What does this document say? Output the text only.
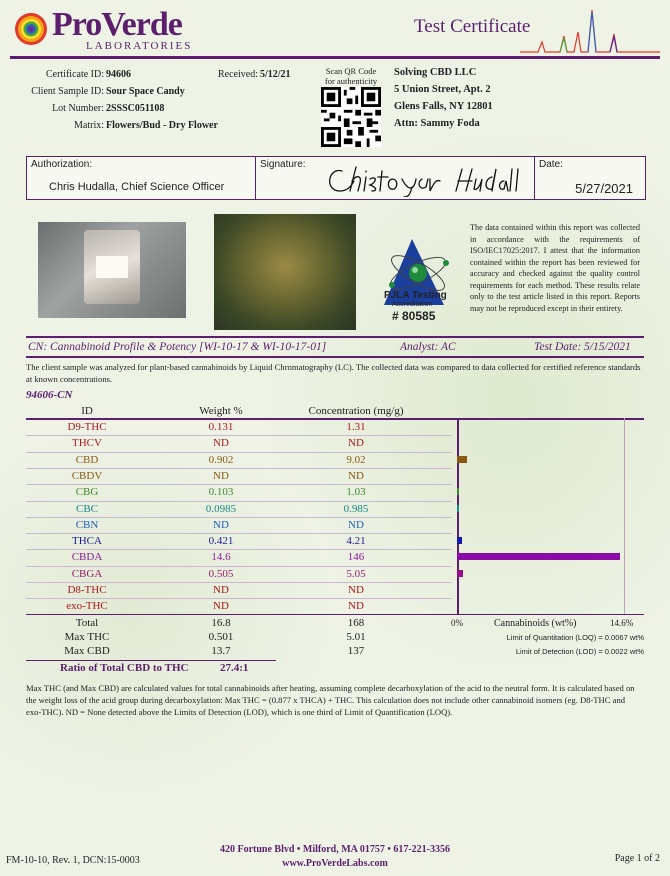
ProVerde
LABORATORIES
Test Certificate
Certificate ID: 94606	Received: 5/12/21
Client Sample ID: Sour Space Candy
Lot Number: 2SSSC051108
Matrix: Flowers/Bud - Dry Flower
Scan QR Code
for authenticity
Solving CBD LLC
5 Union Street, Apt. 2
Glens Falls, NY 12801
Attn: Sammy Foda
Authorization:
Chris Hudalla, Chief Science Officer
Signature:	Date:
5/27/2021
PJLA Testing
Accreditation
# 80585
The data contained within this report was collected in accordance with the requirements of ISO/IEC17025:2017. I attest that the information contained within the report has been reviewed for accuracy and checked against the quality control requirements for each method. These results relate only to the test article listed in this report. Reports may not be reproduced except in their entirety.
CN: Cannabinoid Profile & Potency [WI-10-17 & WI-10-17-01]	Analyst: AC	Test Date: 5/15/2021
The client sample was analyzed for plant-based cannabinoids by Liquid Chromatography (LC). The collected data was compared to data collected for certified reference standards at known concentrations.
94606-CN
ID	Weight %	Concentration (mg/g)
D9-THC	0.131	1.31
THCV	ND	ND
CBD	0.902	9.02
CBDV	ND	ND
CBG	0.103	1.03
CBC	0.0985	0.985
CBN	ND	ND
THCA	0.421	4.21
CBDA	14.6	146
CBGA	0.505	5.05
D8-THC	ND	ND
exo-THC	ND	ND
Total	16.8	168
Max THC	0.501	5.01
Max CBD	13.7	137
0%	Cannabinoids (wt%)	14.6%
Limit of Quantitation (LOQ) = 0.0067 wt%
Limit of Detection (LOD) = 0.0022 wt%
Ratio of Total CBD to THC	27.4:1
Max THC (and Max CBD) are calculated values for total cannabinoids after heating, assuming complete decarboxylation of the acid to the neutral form. It is calculated based on the weight loss of the acid group during decarboxylation: Max THC = (0.877 x THCA) + THC. This calculation does not include other cannabinoid isomers (eg. D8-THC and exo-THC). ND = None detected above the Limits of Detection (LOD), which is one third of Limit of Quantification (LOQ).
420 Fortune Blvd • Milford, MA 01757 • 617-221-3356
www.ProVerdeLabs.com
FM-10-10, Rev. 1, DCN:15-0003	Page 1 of 2
